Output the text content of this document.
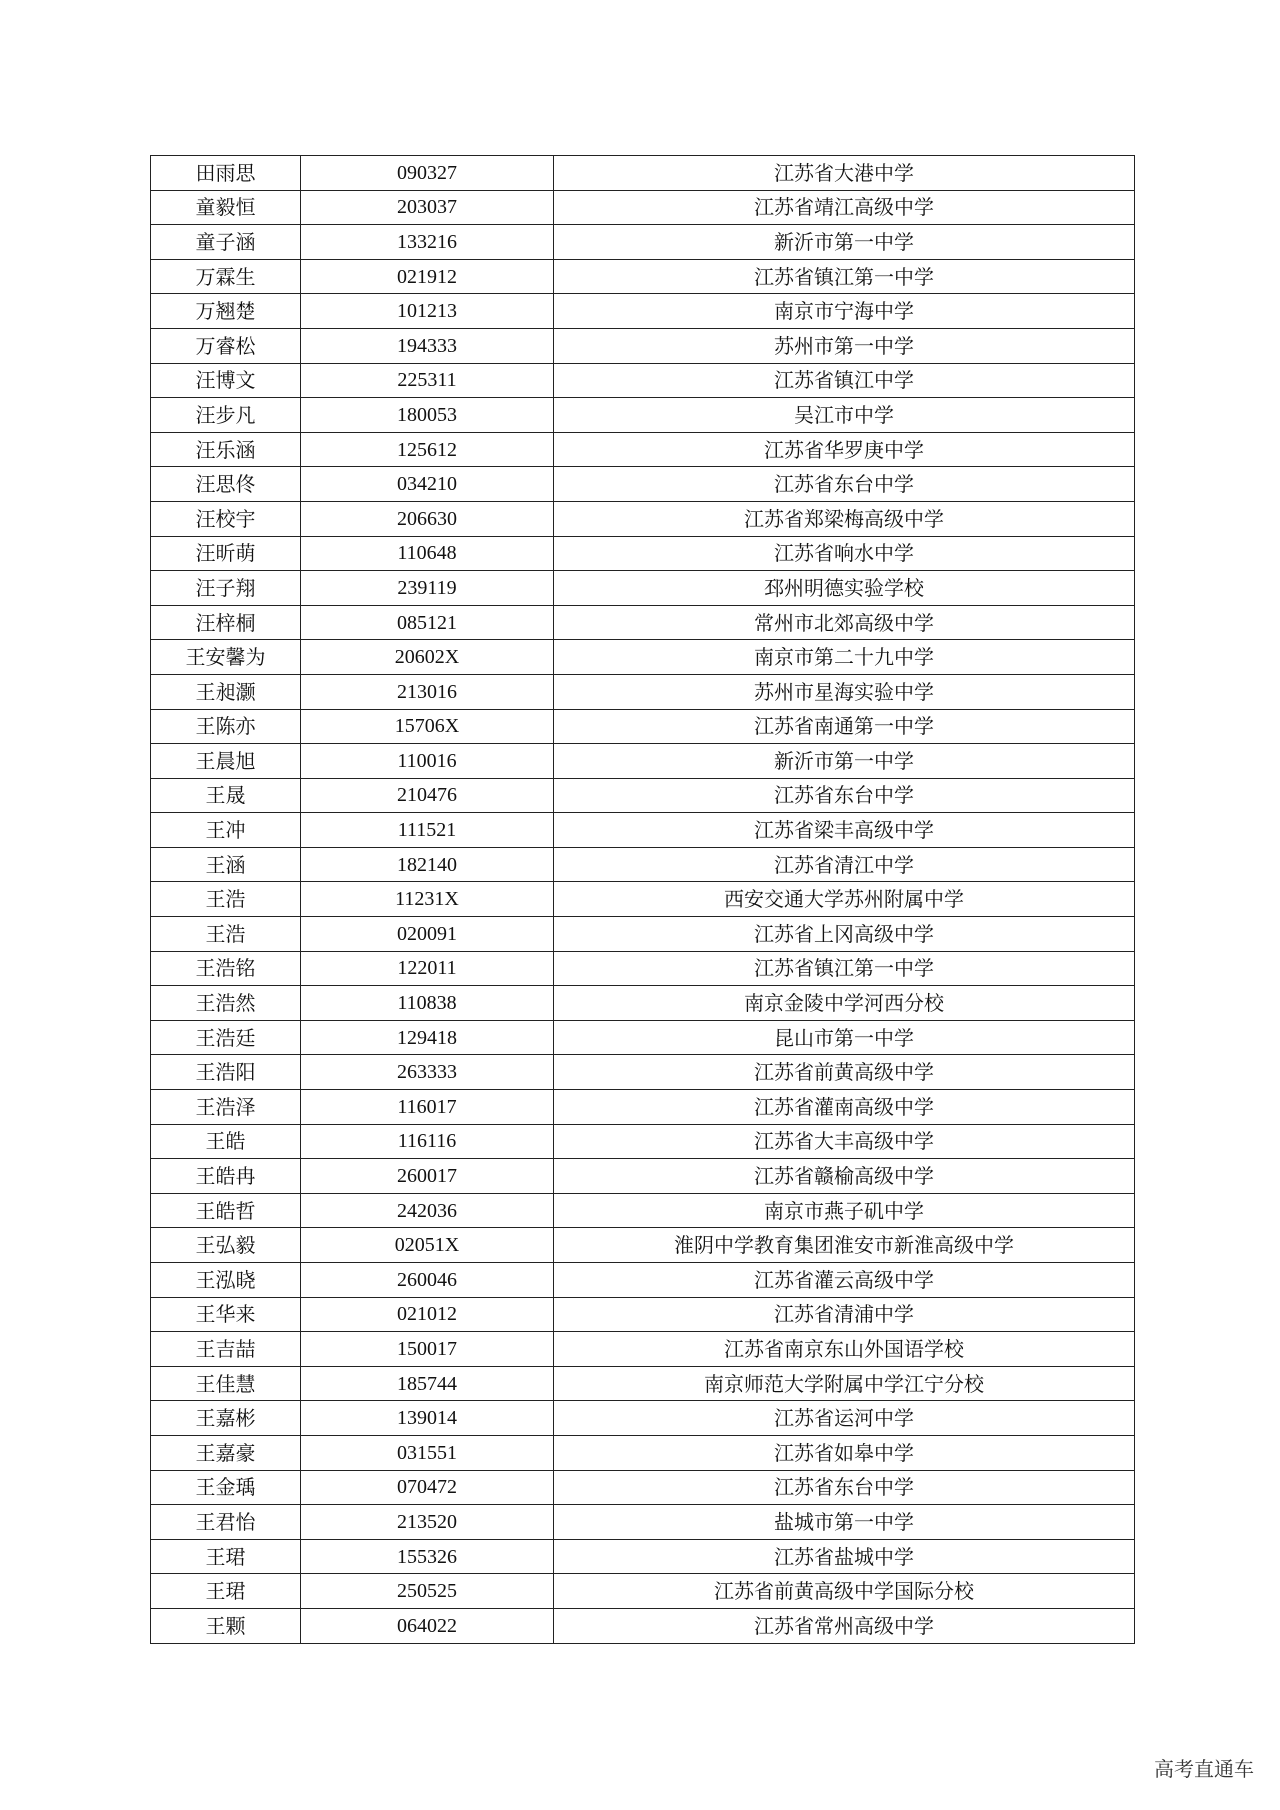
田雨思	090327	江苏省大港中学
童毅恒	203037	江苏省靖江高级中学
童子涵	133216	新沂市第一中学
万霖生	021912	江苏省镇江第一中学
万翘楚	101213	南京市宁海中学
万睿松	194333	苏州市第一中学
汪博文	225311	江苏省镇江中学
汪步凡	180053	吴江市中学
汪乐涵	125612	江苏省华罗庚中学
汪思佟	034210	江苏省东台中学
汪校宇	206630	江苏省郑梁梅高级中学
汪昕萌	110648	江苏省响水中学
汪子翔	239119	邳州明德实验学校
汪梓桐	085121	常州市北郊高级中学
王安馨为	20602X	南京市第二十九中学
王昶灏	213016	苏州市星海实验中学
王陈亦	15706X	江苏省南通第一中学
王晨旭	110016	新沂市第一中学
王晟	210476	江苏省东台中学
王冲	111521	江苏省梁丰高级中学
王涵	182140	江苏省清江中学
王浩	11231X	西安交通大学苏州附属中学
王浩	020091	江苏省上冈高级中学
王浩铭	122011	江苏省镇江第一中学
王浩然	110838	南京金陵中学河西分校
王浩廷	129418	昆山市第一中学
王浩阳	263333	江苏省前黄高级中学
王浩泽	116017	江苏省灌南高级中学
王皓	116116	江苏省大丰高级中学
王皓冉	260017	江苏省赣榆高级中学
王皓哲	242036	南京市燕子矶中学
王弘毅	02051X	淮阴中学教育集团淮安市新淮高级中学
王泓晓	260046	江苏省灌云高级中学
王华来	021012	江苏省清浦中学
王吉喆	150017	江苏省南京东山外国语学校
王佳慧	185744	南京师范大学附属中学江宁分校
王嘉彬	139014	江苏省运河中学
王嘉豪	031551	江苏省如皋中学
王金瑀	070472	江苏省东台中学
王君怡	213520	盐城市第一中学
王珺	155326	江苏省盐城中学
王珺	250525	江苏省前黄高级中学国际分校
王颗	064022	江苏省常州高级中学
高考直通车
